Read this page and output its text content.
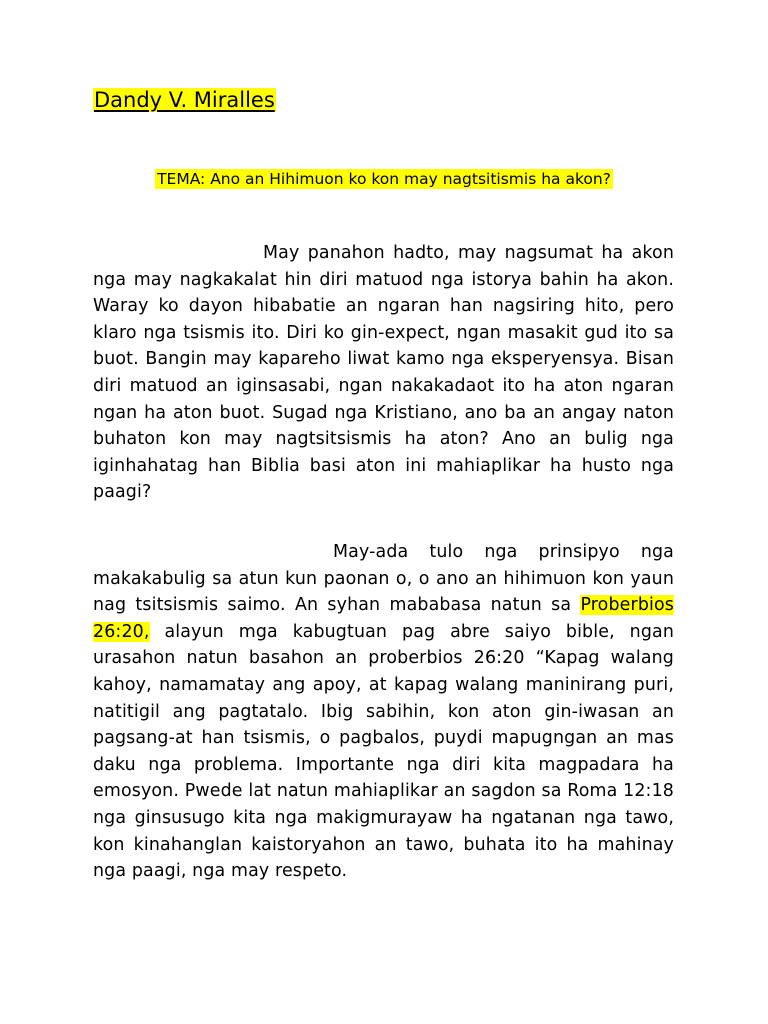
Dandy V. Miralles

TEMA: Ano an Hihimuon ko kon may nagtsitismis ha akon?

May panahon hadto, may nagsumat ha akon nga may nagkakalat hin diri matuod nga istorya bahin ha akon. Waray ko dayon hibabatie an ngaran han nagsiring hito, pero klaro nga tsismis ito. Diri ko gin-expect, ngan masakit gud ito sa buot. Bangin may kapareho liwat kamo nga eksperyensya. Bisan diri matuod an iginsasabi, ngan nakakadaot ito ha aton ngaran ngan ha aton buot. Sugad nga Kristiano, ano ba an angay naton buhaton kon may nagtsitsismis ha aton? Ano an bulig nga iginhahatag han Biblia basi aton ini mahiaplikar ha husto nga paagi?

May-ada tulo nga prinsipyo nga makakabulig sa atun kun paonan o, o ano an hihimuon kon yaun nag tsitsismis saimo. An syhan mababasa natun sa Proberbios 26:20, alayun mga kabugtuan pag abre saiyo bible, ngan urasahon natun basahon an proberbios 26:20 “Kapag walang kahoy, namamatay ang apoy, at kapag walang maninirang puri, natitigil ang pagtatalo. Ibig sabihin, kon aton gin-iwasan an pagsang-at han tsismis, o pagbalos, puydi mapugngan an mas daku nga problema. Importante nga diri kita magpadara ha emosyon. Pwede lat natun mahiaplikar an sagdon sa Roma 12:18 nga ginsusugo kita nga makigmurayaw ha ngatanan nga tawo, kon kinahanglan kaistoryahon an tawo, buhata ito ha mahinay nga paagi, nga may respeto.
